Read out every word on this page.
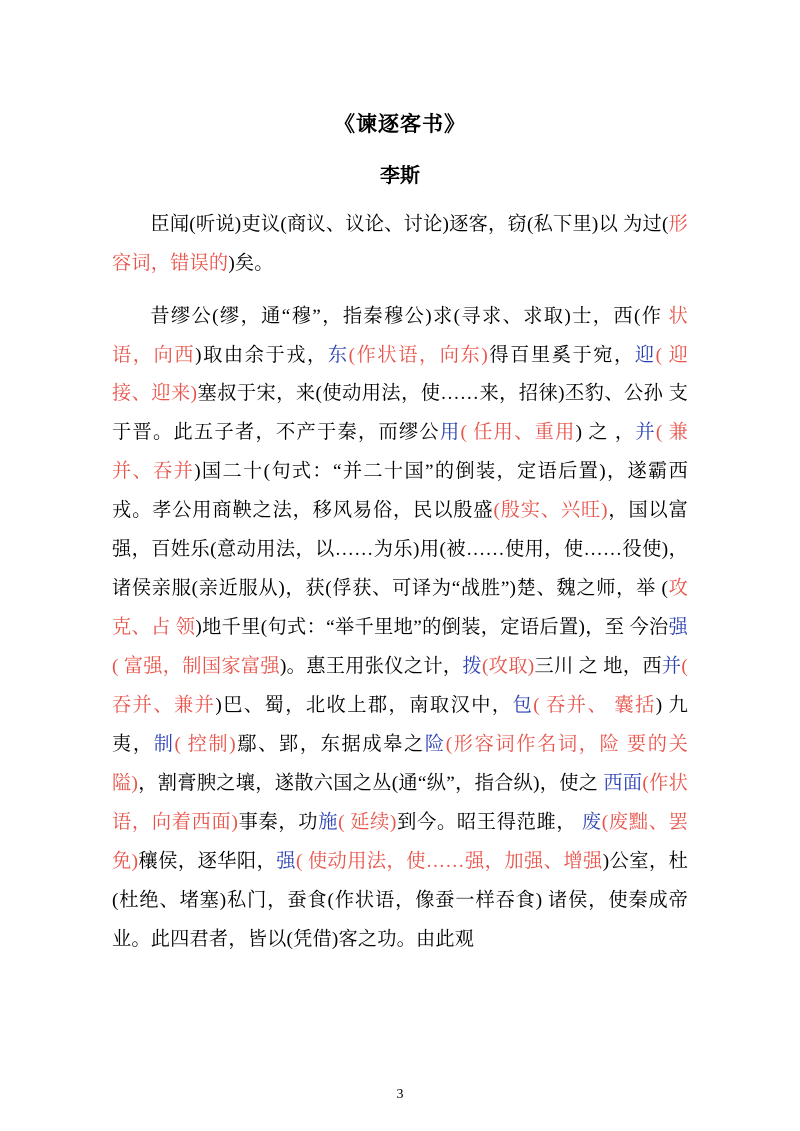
《谏逐客书》
李斯

臣闻(听说)吏议(商议、议论、讨论)逐客，窃(私下里)以 为过(形容词，错误的)矣。

昔缪公(缪，通“穆”，指秦穆公)求(寻求、求取)士，西(作 状语，向西)取由余于戎，东(作状语，向东)得百里奚于宛，迎( 迎 接、迎来)塞叔于宋，来(使动用法，使……来，招徕)丕豹、公孙 支于晋。此五子者，不产于秦，而缪公用( 任用、重用) 之 ，并( 兼 并、吞并)国二十(句式：“并二十国”的倒装，定语后置)，遂霸西 戎。孝公用商鞅之法，移风易俗，民以殷盛(殷实、兴旺)，国以富 强，百姓乐(意动用法，以……为乐)用(被……使用，使……役使)，诸侯亲服(亲近服从)，获(俘获、可译为“战胜”)楚、魏之师，举 (攻克、占 领)地千里(句式：“举千里地”的倒装，定语后置)，至 今治强( 富强，制国家富强)。惠王用张仪之计，拨(攻取)三川 之 地，西并( 吞并、兼并)巴、蜀，北收上郡，南取汉中，包( 吞并、 囊括) 九 夷，制( 控制)鄢、郢，东据成皋之险(形容词作名词，险 要的关隘)，割膏腴之壤，遂散六国之丛(通“纵”，指合纵)，使之 西面(作状语，向着西面)事秦，功施( 延续)到今。昭王得范雎， 废(废黜、罢免)穰侯，逐华阳，强( 使动用法，使……强，加强、增强)公室，杜(杜绝、堵塞)私门，蚕食(作状语，像蚕一样吞食) 诸侯，使秦成帝业。此四君者，皆以(凭借)客之功。由此观

3
